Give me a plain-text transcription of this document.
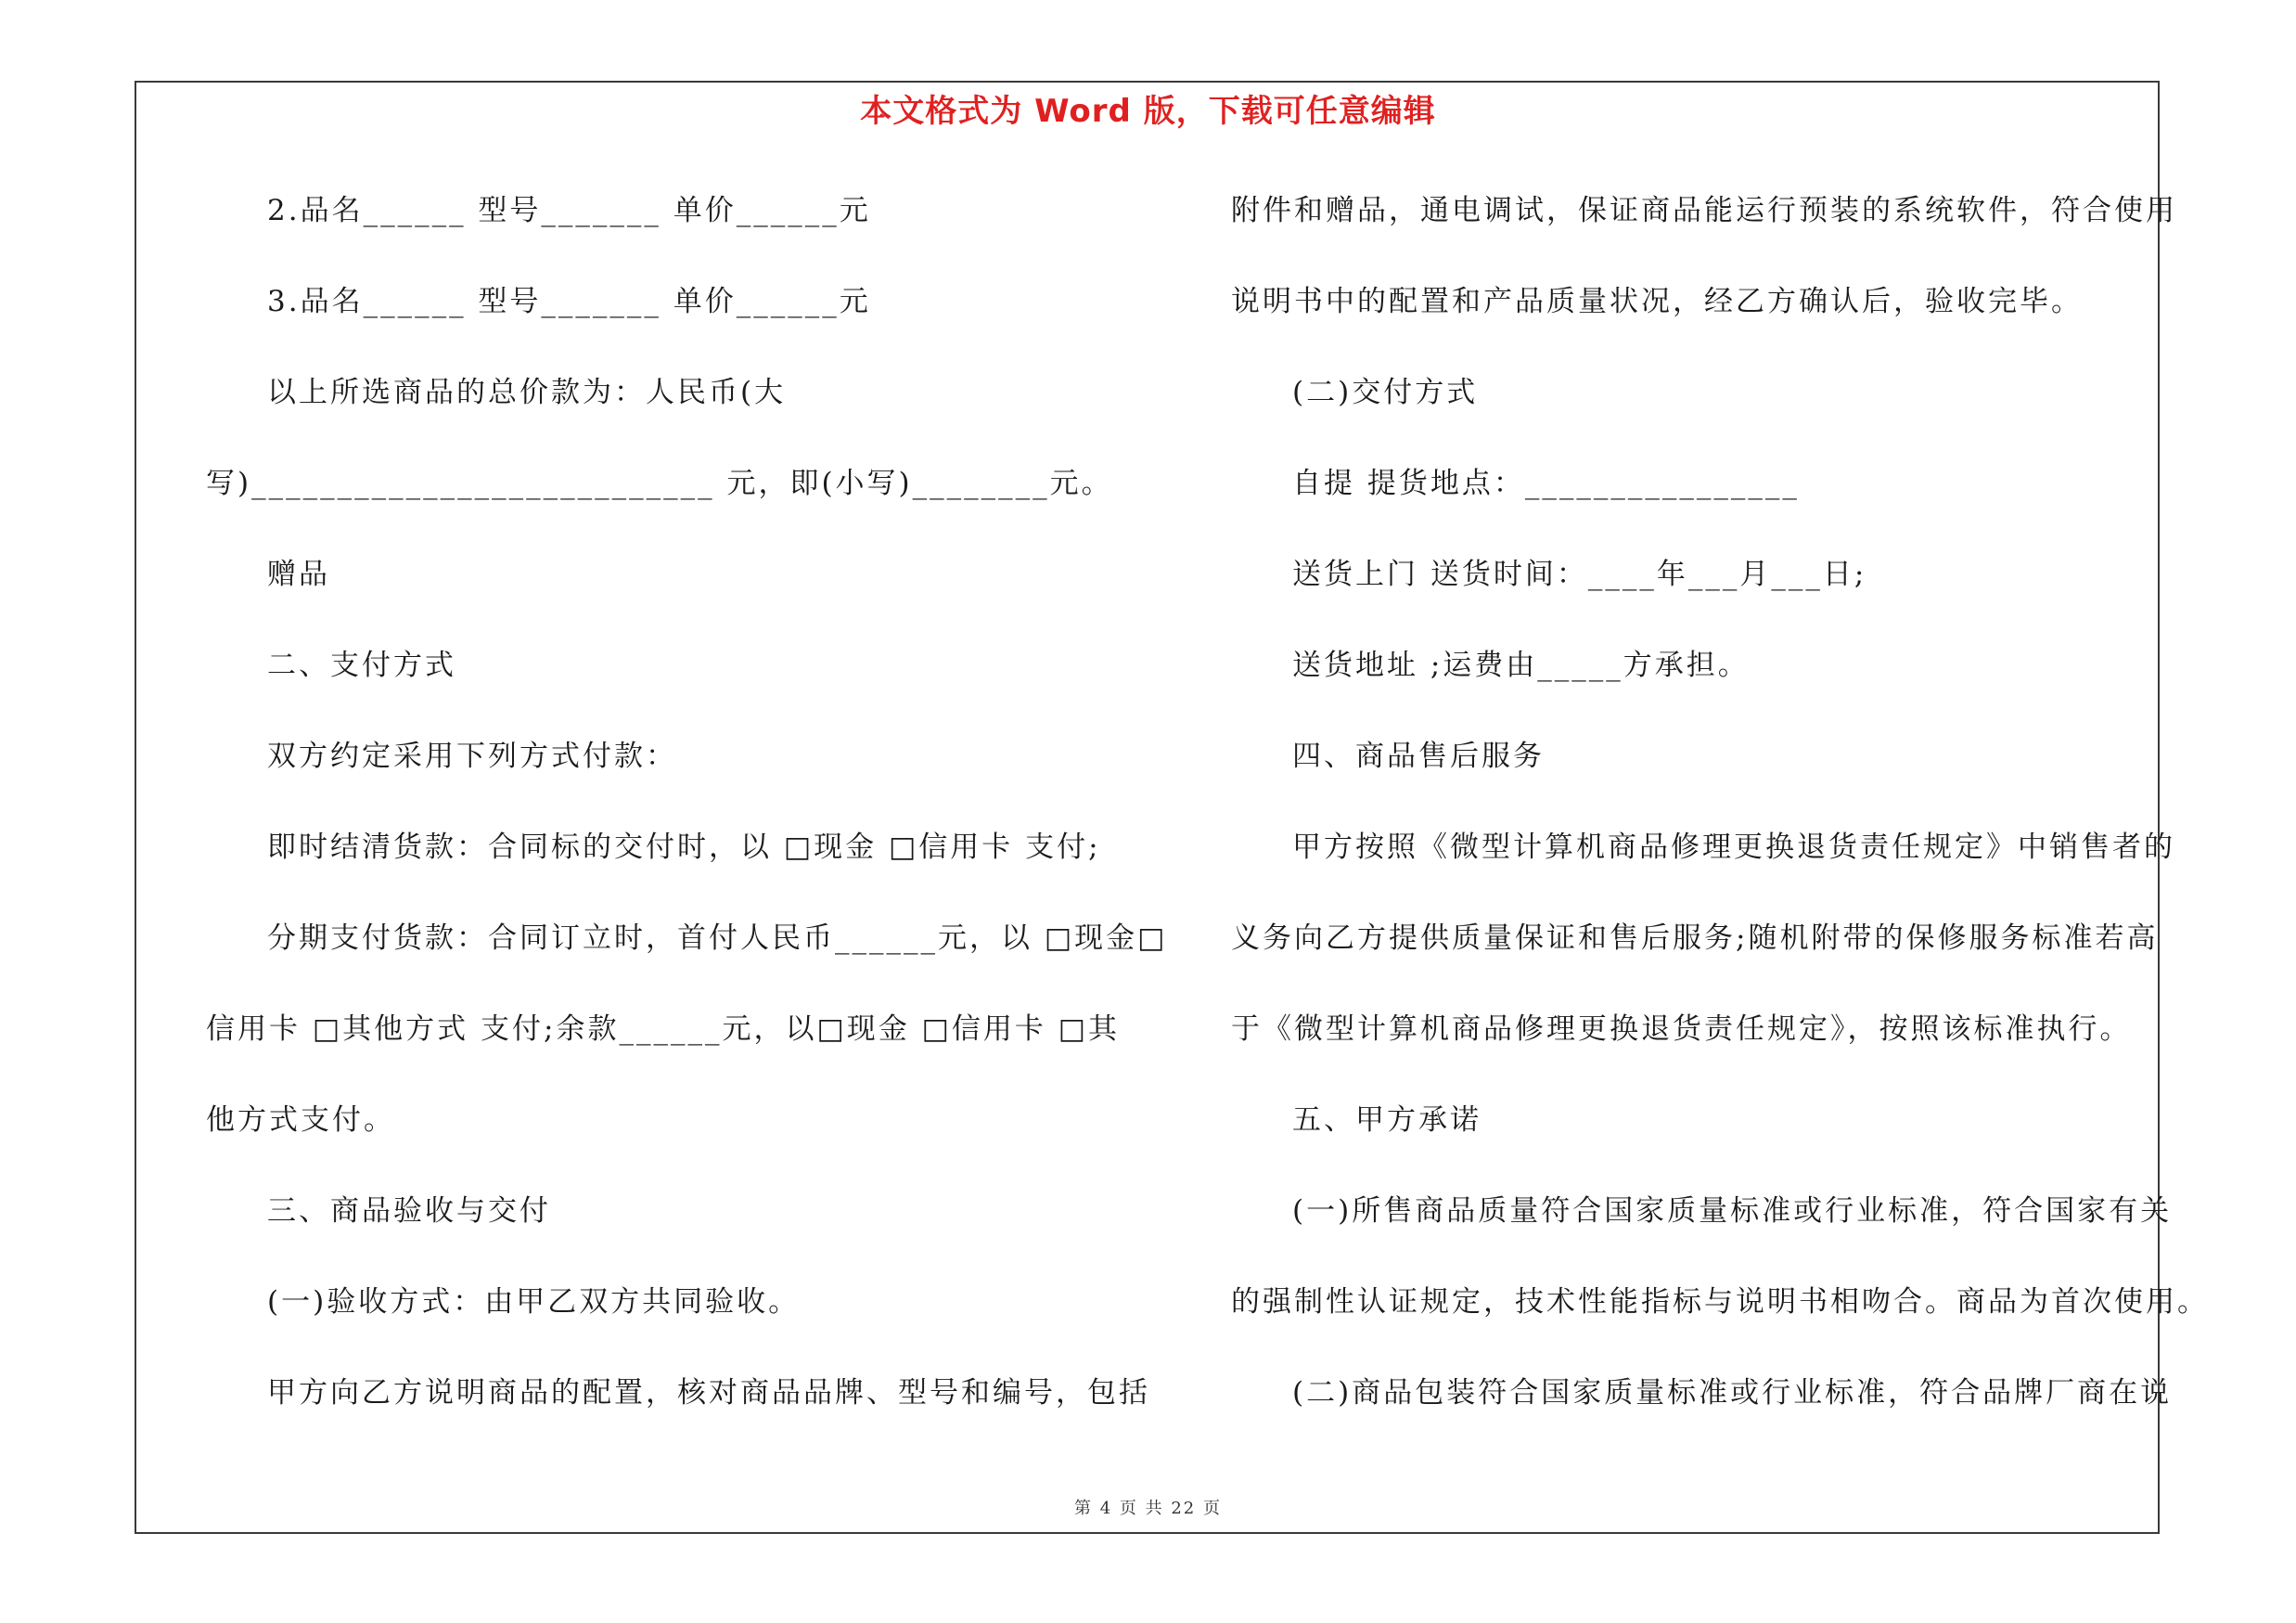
本文格式为 Word 版，下载可任意编辑
2.品名______ 型号_______ 单价______元
3.品名______ 型号_______ 单价______元
以上所选商品的总价款为：人民币(大
写)___________________________ 元，即(小写)________元。
赠品
二、支付方式
双方约定采用下列方式付款：
即时结清货款：合同标的交付时，以 □现金 □信用卡 支付;
分期支付货款：合同订立时，首付人民币______元，以 □现金□
信用卡 □其他方式 支付;余款______元，以□现金 □信用卡 □其
他方式支付。
三、商品验收与交付
(一)验收方式：由甲乙双方共同验收。
甲方向乙方说明商品的配置，核对商品品牌、型号和编号，包括
附件和赠品，通电调试，保证商品能运行预装的系统软件，符合使用
说明书中的配置和产品质量状况，经乙方确认后，验收完毕。
(二)交付方式
自提 提货地点：________________
送货上门 送货时间：____年___月___日;
送货地址 ;运费由_____方承担。
四、商品售后服务
甲方按照《微型计算机商品修理更换退货责任规定》中销售者的
义务向乙方提供质量保证和售后服务;随机附带的保修服务标准若高
于《微型计算机商品修理更换退货责任规定》，按照该标准执行。
五、甲方承诺
(一)所售商品质量符合国家质量标准或行业标准，符合国家有关
的强制性认证规定，技术性能指标与说明书相吻合。商品为首次使用。
(二)商品包装符合国家质量标准或行业标准，符合品牌厂商在说
第 4 页 共 22 页
